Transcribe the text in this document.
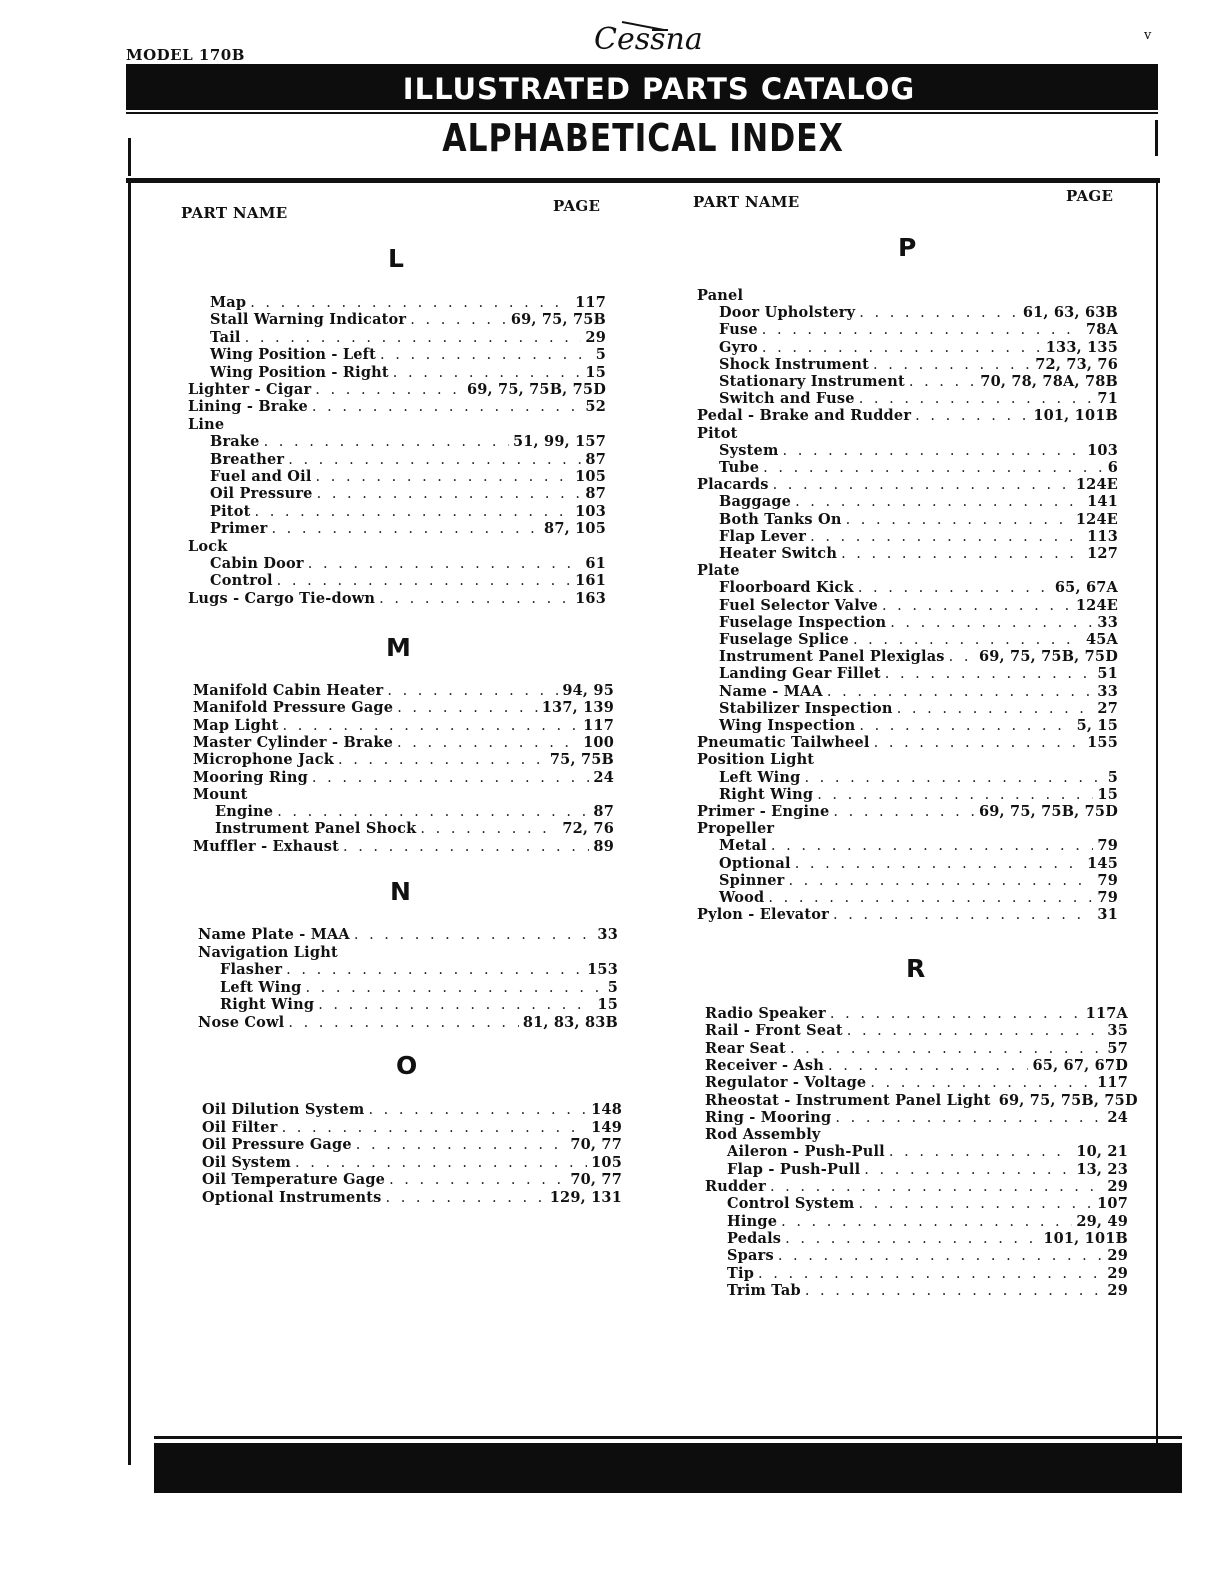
MODEL 170B
v
Cessna
ILLUSTRATED PARTS CATALOG
ALPHABETICAL INDEX
PART NAME	PAGE	PART NAME	PAGE
L
M
N
O
P
R
Map . . .	117
Stall Warning Indicator . . .	69, 75, 75B
Tail . . .	29
Wing Position - Left . . .	5
Wing Position - Right . . .	15
Lighter - Cigar . . .	69, 75, 75B, 75D
Lining - Brake . . .	52
Line
Brake . . .	51, 99, 157
Breather . . .	87
Fuel and Oil . . .	105
Oil Pressure . . .	87
Pitot . . .	103
Primer . . .	87, 105
Lock
Cabin Door . . .	61
Control . . .	161
Lugs - Cargo Tie-down . . .	163
Manifold Cabin Heater . . .	94, 95
Manifold Pressure Gage . . .	137, 139
Map Light . . .	117
Master Cylinder - Brake . . .	100
Microphone Jack . . .	75, 75B
Mooring Ring . . .	24
Mount
Engine . . .	87
Instrument Panel Shock . . .	72, 76
Muffler - Exhaust . . .	89
Name Plate - MAA . . .	33
Navigation Light
Flasher . . .	153
Left Wing . . .	5
Right Wing . . .	15
Nose Cowl . . .	81, 83, 83B
Oil Dilution System . . .	148
Oil Filter . . .	149
Oil Pressure Gage . . .	70, 77
Oil System . . .	105
Oil Temperature Gage . . .	70, 77
Optional Instruments . . .	129, 131
Panel
Door Upholstery . . .	61, 63, 63B
Fuse . . .	78A
Gyro . . .	133, 135
Shock Instrument . . .	72, 73, 76
Stationary Instrument . . .	70, 78, 78A, 78B
Switch and Fuse . . .	71
Pedal - Brake and Rudder . . .	101, 101B
Pitot
System . . .	103
Tube . . .	6
Placards . . .	124E
Baggage . . .	141
Both Tanks On . . .	124E
Flap Lever . . .	113
Heater Switch . . .	127
Plate
Floorboard Kick . . .	65, 67A
Fuel Selector Valve . . .	124E
Fuselage Inspection . . .	33
Fuselage Splice . . .	45A
Instrument Panel Plexiglas . . . 69, 75, 75B, 75D
Landing Gear Fillet . . .	51
Name - MAA . . .	33
Stabilizer Inspection . . .	27
Wing Inspection . . .	5, 15
Pneumatic Tailwheel . . .	155
Position Light
Left Wing . . .	5
Right Wing . . .	15
Primer - Engine . . .	69, 75, 75B, 75D
Propeller
Metal . . .	79
Optional . . .	145
Spinner . . .	79
Wood . . .	79
Pylon - Elevator . . .	31
Radio Speaker . . .	117A
Rail - Front Seat . . .	35
Rear Seat . . .	57
Receiver - Ash . . .	65, 67, 67D
Regulator - Voltage . . .	117
Rheostat - Instrument Panel Light 69, 75, 75B, 75D
Ring - Mooring . . .	24
Rod Assembly
Aileron - Push-Pull . . .	10, 21
Flap - Push-Pull . . .	13, 23
Rudder . . .	29
Control System . . .	107
Hinge . . .	29, 49
Pedals . . .	101, 101B
Spars . . .	29
Tip . . .	29
Trim Tab . . .	29
